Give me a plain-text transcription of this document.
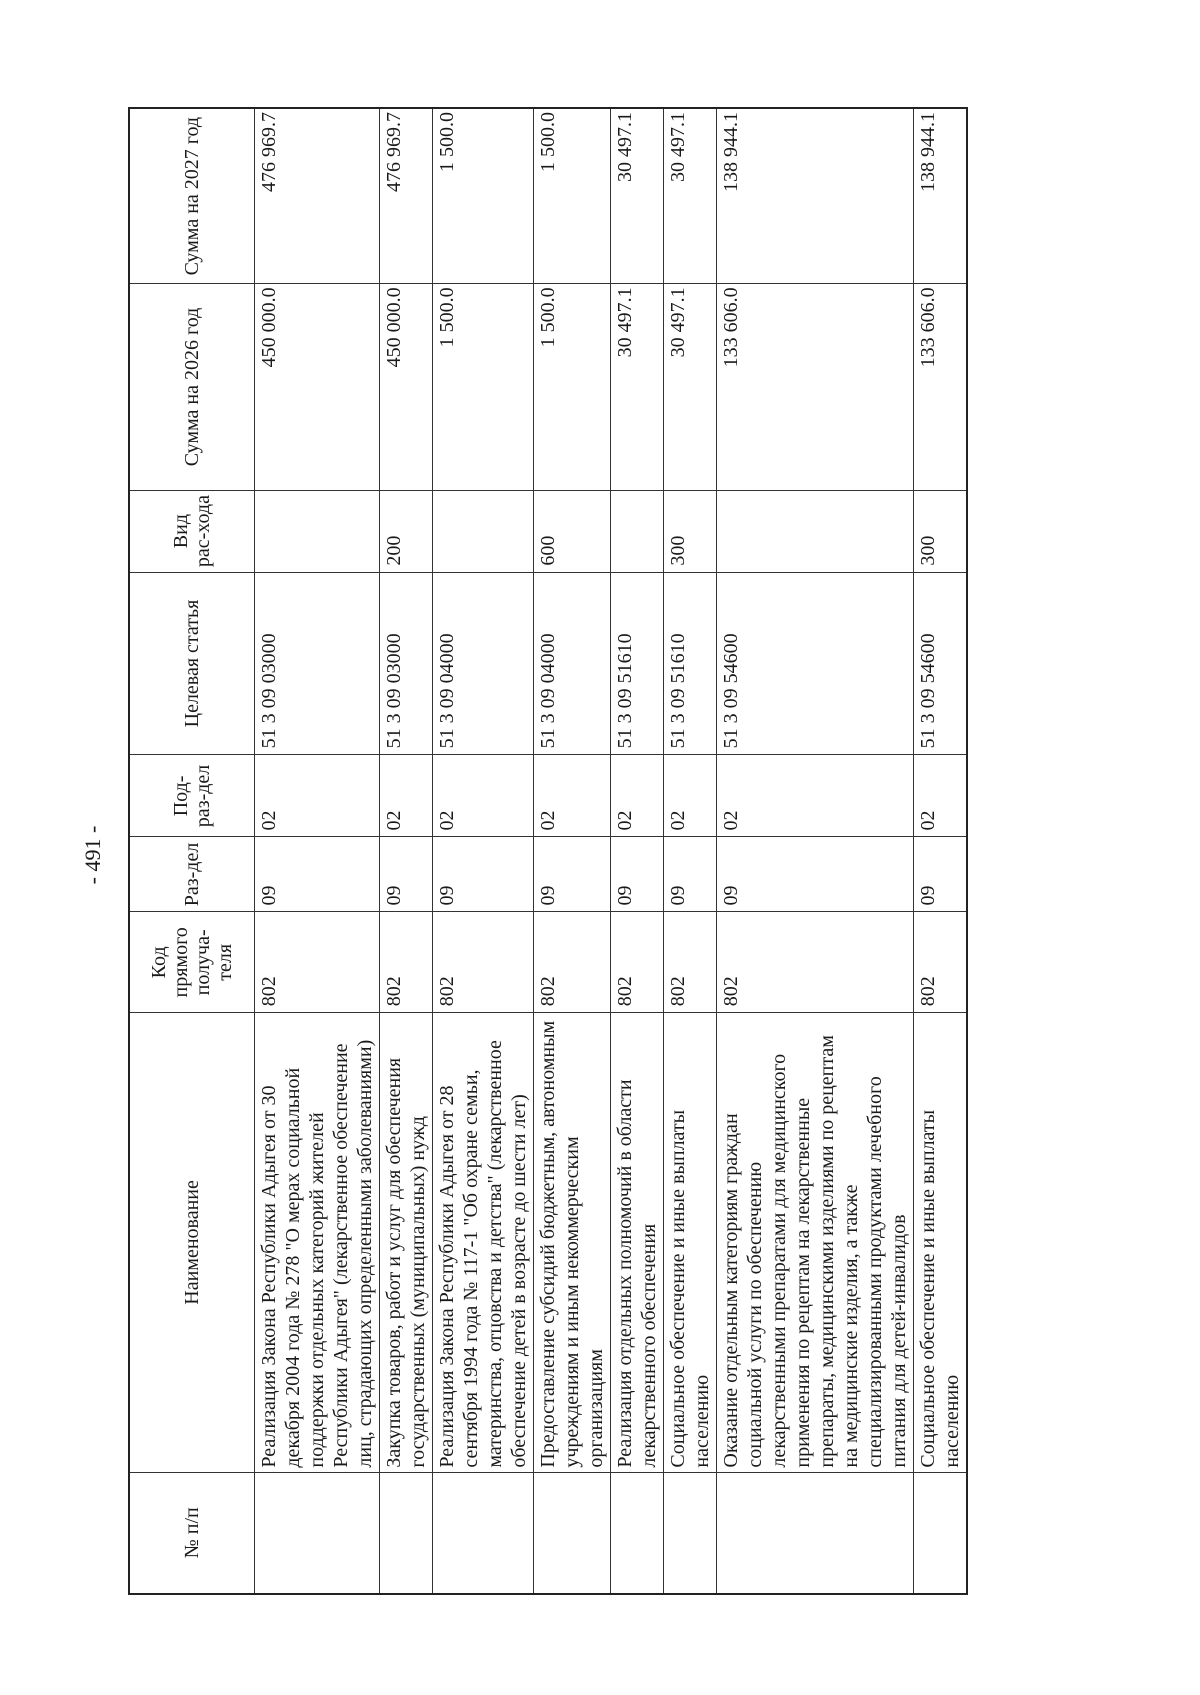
- 491 -
№ п/п	Наименование	Код прямого получа-теля	Раз-дел	Под-раз-дел	Целевая статья	Вид рас-хода	Сумма на 2026 год	Сумма на 2027 год
	Реализация Закона Республики Адыгея от 30 декабря 2004 года № 278 "О мерах социальной поддержки отдельных категорий жителей Республики Адыгея" (лекарственное обеспечение лиц, страдающих определенными заболеваниями)	802	09	02	51 3 09 03000		450 000.0	476 969.7
	Закупка товаров, работ и услуг для обеспечения государственных (муниципальных) нужд	802	09	02	51 3 09 03000	200	450 000.0	476 969.7
	Реализация Закона Республики Адыгея от 28 сентября 1994 года № 117-1 "Об охране семьи, материнства, отцовства и детства" (лекарственное обеспечение детей в возрасте до шести лет)	802	09	02	51 3 09 04000		1 500.0	1 500.0
	Предоставление субсидий бюджетным, автономным учреждениям и иным некоммерческим организациям	802	09	02	51 3 09 04000	600	1 500.0	1 500.0
	Реализация отдельных полномочий в области лекарственного обеспечения	802	09	02	51 3 09 51610		30 497.1	30 497.1
	Социальное обеспечение и иные выплаты населению	802	09	02	51 3 09 51610	300	30 497.1	30 497.1
	Оказание отдельным категориям граждан социальной услуги по обеспечению лекарственными препаратами для медицинского применения по рецептам на лекарственные препараты, медицинскими изделиями по рецептам на медицинские изделия, а также специализированными продуктами лечебного питания для детей-инвалидов	802	09	02	51 3 09 54600		133 606.0	138 944.1
	Социальное обеспечение и иные выплаты населению	802	09	02	51 3 09 54600	300	133 606.0	138 944.1
